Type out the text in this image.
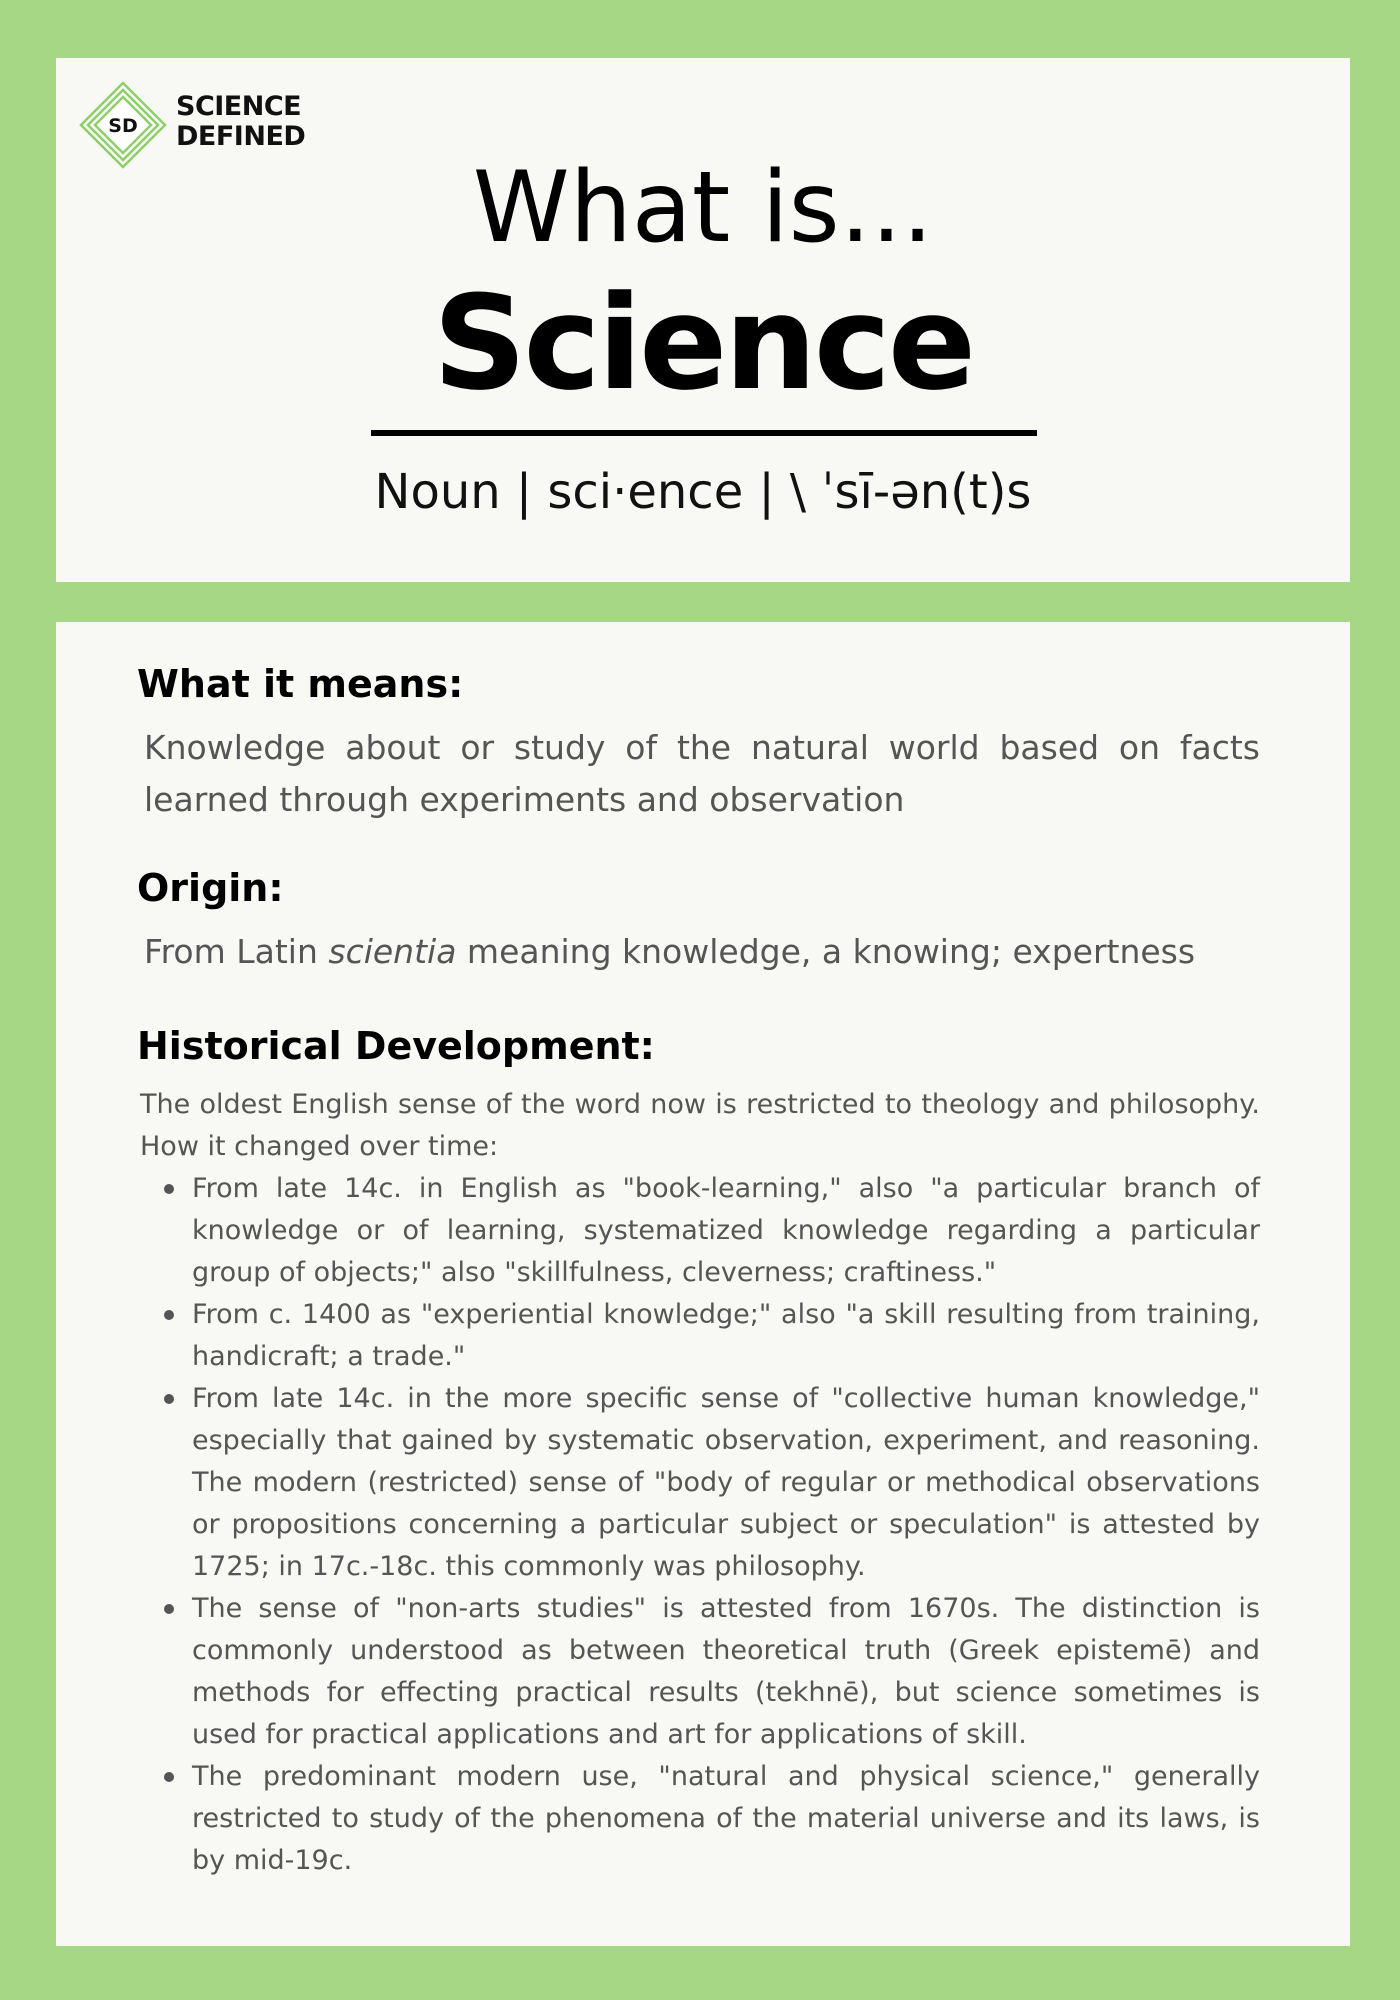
SD
SCIENCE
DEFINED
What is...
Science
Noun | sci·ence | \ ˈsī-ən(t)s
What it means:
Knowledge about or study of the natural world based on facts learned through experiments and observation
Origin:
From Latin scientia meaning knowledge, a knowing; expertness
Historical Development:

The oldest English sense of the word now is restricted to theology and philosophy. How it changed over time:

From late 14c. in English as "book-learning," also "a particular branch of knowledge or of learning, systematized knowledge regarding a particular group of objects;" also "skillfulness, cleverness; craftiness."
From c. 1400 as "experiential knowledge;" also "a skill resulting from training, handicraft; a trade."
From late 14c. in the more specific sense of "collective human knowledge," especially that gained by systematic observation, experiment, and reasoning. The modern (restricted) sense of "body of regular or methodical observations or propositions concerning a particular subject or speculation" is attested by 1725; in 17c.-18c. this commonly was philosophy.
The sense of "non-arts studies" is attested from 1670s. The distinction is commonly understood as between theoretical truth (Greek epistemē) and methods for effecting practical results (tekhnē), but science sometimes is used for practical applications and art for applications of skill.
The predominant modern use, "natural and physical science," generally restricted to study of the phenomena of the material universe and its laws, is by mid-19c.
